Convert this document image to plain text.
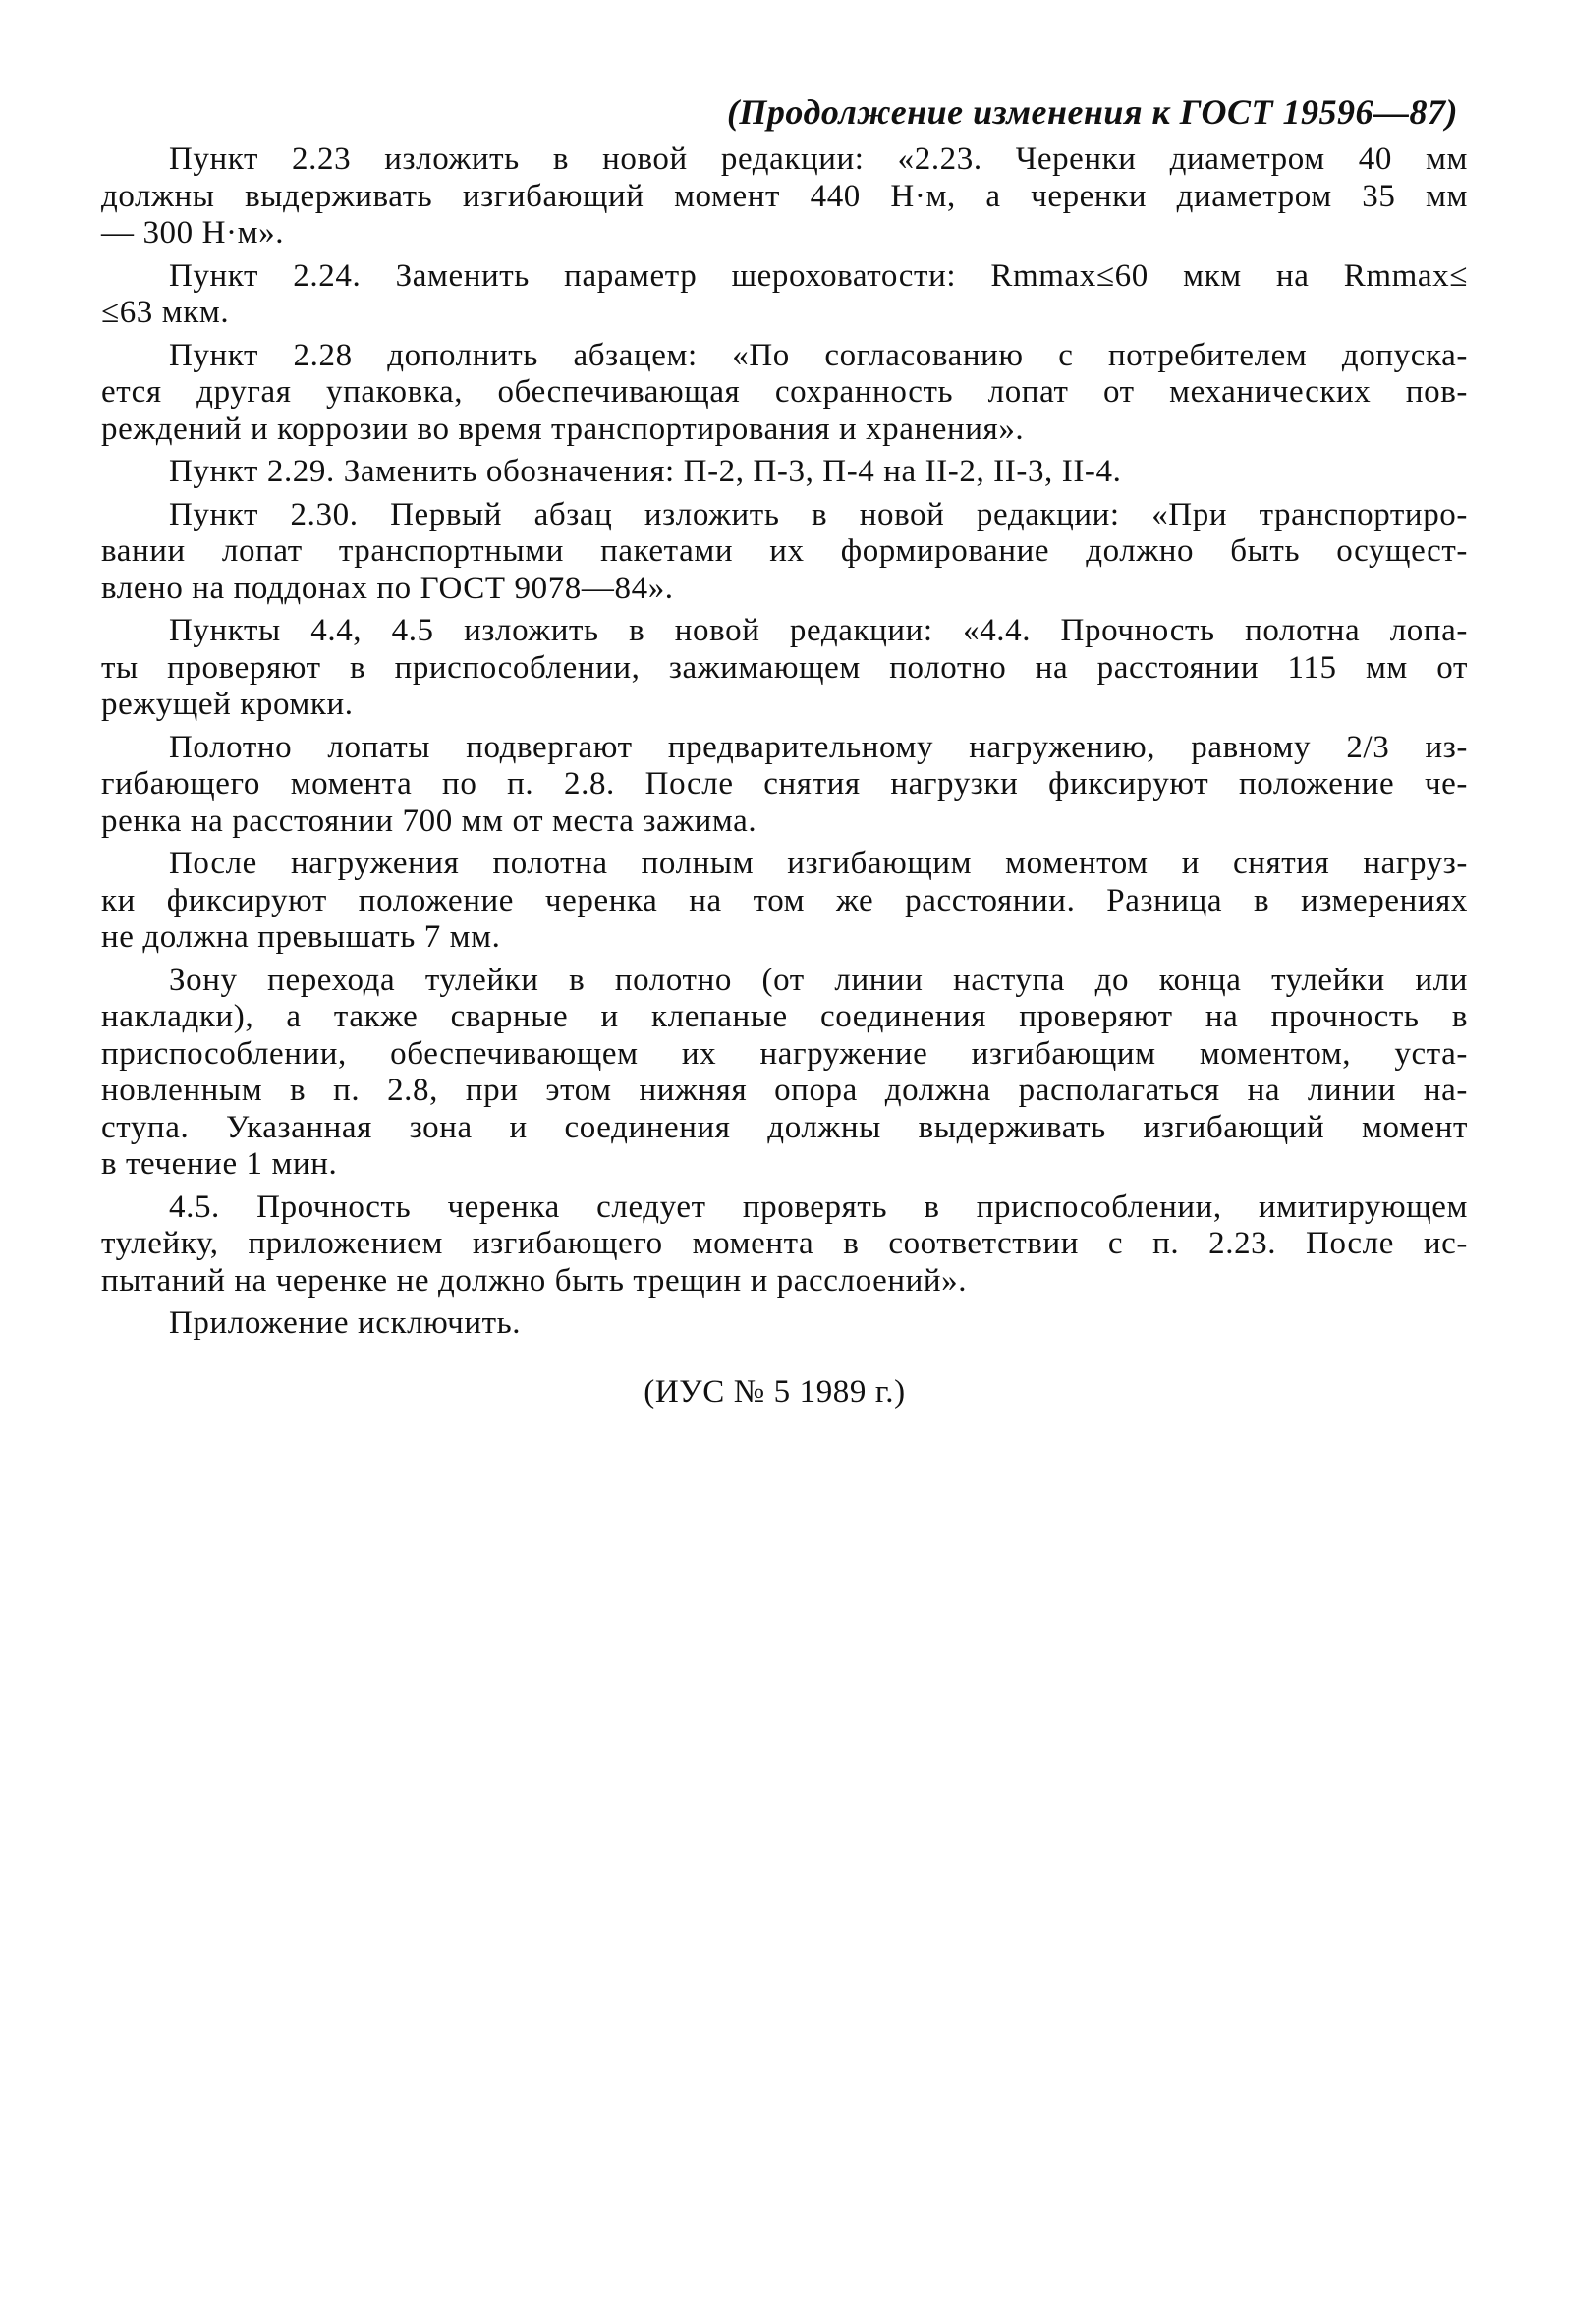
(Продолжение изменения к ГОСТ 19596—87)
Пункт 2.23 изложить в новой редакции: «2.23. Черенки диаметром 40 мм
должны выдерживать изгибающий момент 440 Н·м, а черенки диаметром 35 мм
— 300 Н·м».
Пункт 2.24. Заменить параметр шероховатости: Rmmax≤60 мкм на Rmmax≤
≤63 мкм.
Пункт 2.28 дополнить абзацем: «По согласованию с потребителем допуска-
ется другая упаковка, обеспечивающая сохранность лопат от механических пов-
реждений и коррозии во время транспортирования и хранения».
Пункт 2.29. Заменить обозначения: П-2, П-3, П-4 на II-2, II-3, II-4.
Пункт 2.30. Первый абзац изложить в новой редакции: «При транспортиро-
вании лопат транспортными пакетами их формирование должно быть осущест-
влено на поддонах по ГОСТ 9078—84».
Пункты 4.4, 4.5 изложить в новой редакции: «4.4. Прочность полотна лопа-
ты проверяют в приспособлении, зажимающем полотно на расстоянии 115 мм от
режущей кромки.
Полотно лопаты подвергают предварительному нагружению, равному 2/3 из-
гибающего момента по п. 2.8. После снятия нагрузки фиксируют положение че-
ренка на расстоянии 700 мм от места зажима.
После нагружения полотна полным изгибающим моментом и снятия нагруз-
ки фиксируют положение черенка на том же расстоянии. Разница в измерениях
не должна превышать 7 мм.
Зону перехода тулейки в полотно (от линии наступа до конца тулейки или
накладки), а также сварные и клепаные соединения проверяют на прочность в
приспособлении, обеспечивающем их нагружение изгибающим моментом, уста-
новленным в п. 2.8, при этом нижняя опора должна располагаться на линии на-
ступа. Указанная зона и соединения должны выдерживать изгибающий момент
в течение 1 мин.
4.5. Прочность черенка следует проверять в приспособлении, имитирующем
тулейку, приложением изгибающего момента в соответствии с п. 2.23. После ис-
пытаний на черенке не должно быть трещин и расслоений».
Приложение исключить.
(ИУС № 5 1989 г.)
